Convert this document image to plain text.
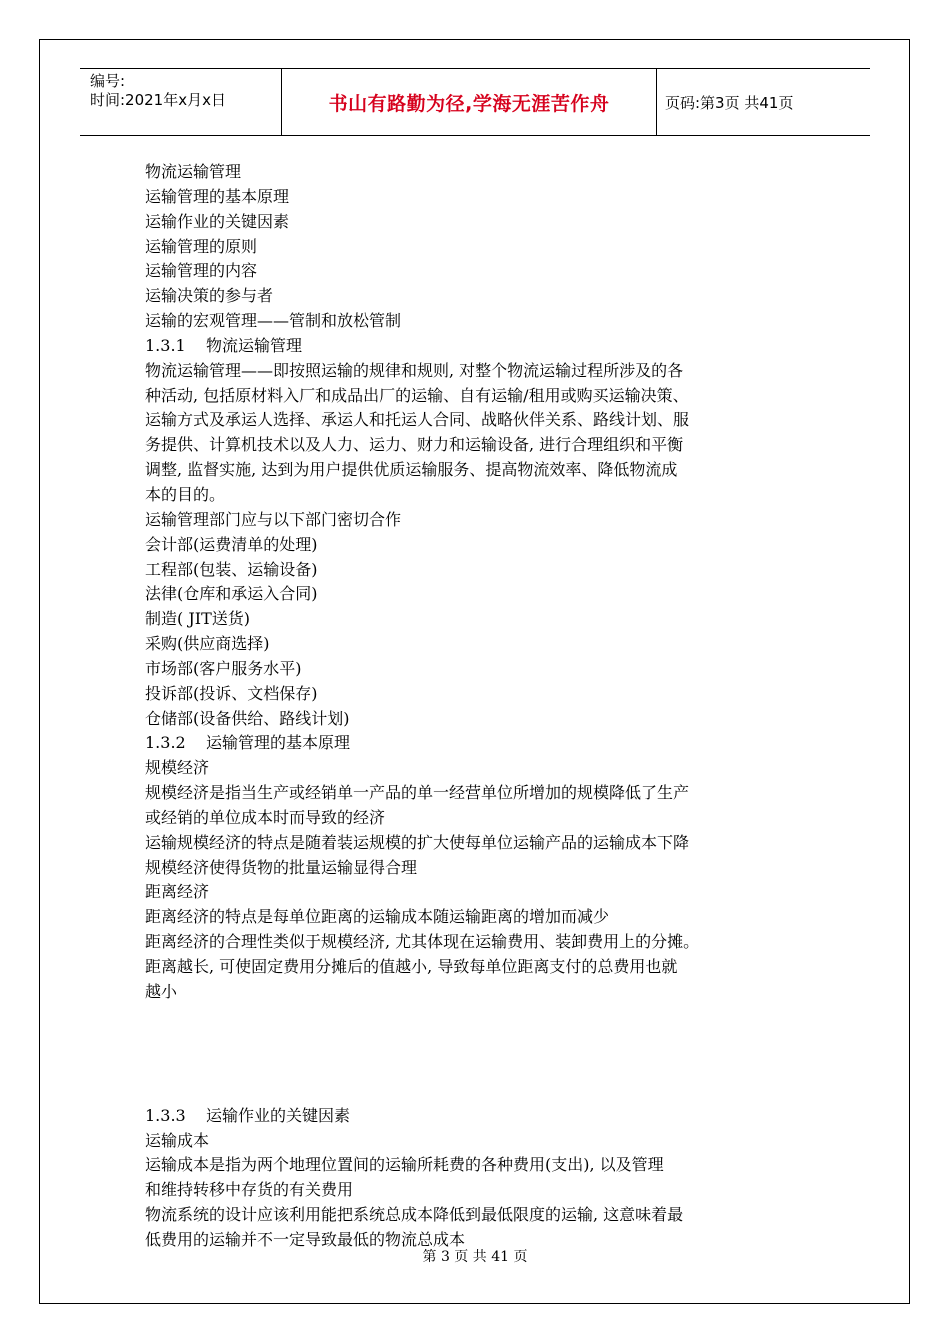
编号:
时间:2021年x月x日	书山有路勤为径,学海无涯苦作舟	页码:第3页 共41页
物流运输管理
运输管理的基本原理
运输作业的关键因素
运输管理的原则
运输管理的内容
运输决策的参与者
运输的宏观管理——管制和放松管制
1.3.1    物流运输管理
物流运输管理——即按照运输的规律和规则, 对整个物流运输过程所涉及的各
种活动, 包括原材料入厂和成品出厂的运输、自有运输/租用或购买运输决策、
运输方式及承运人选择、承运人和托运人合同、战略伙伴关系、路线计划、服
务提供、计算机技术以及人力、运力、财力和运输设备, 进行合理组织和平衡
调整, 监督实施, 达到为用户提供优质运输服务、提高物流效率、降低物流成
本的目的。
运输管理部门应与以下部门密切合作
会计部(运费清单的处理)
工程部(包装、运输设备)
法律(仓库和承运入合同)
制造( JIT送货)
采购(供应商选择)
市场部(客户服务水平)
投诉部(投诉、文档保存)
仓储部(设备供给、路线计划)
1.3.2    运输管理的基本原理
规模经济
规模经济是指当生产或经销单一产品的单一经营单位所增加的规模降低了生产
或经销的单位成本时而导致的经济
运输规模经济的特点是随着装运规模的扩大使每单位运输产品的运输成本下降
规模经济使得货物的批量运输显得合理
距离经济
距离经济的特点是每单位距离的运输成本随运输距离的增加而减少
距离经济的合理性类似于规模经济, 尤其体现在运输费用、装卸费用上的分摊。
距离越长, 可使固定费用分摊后的值越小, 导致每单位距离支付的总费用也就
越小
1.3.3    运输作业的关键因素
运输成本
运输成本是指为两个地理位置间的运输所耗费的各种费用(支出), 以及管理
和维持转移中存货的有关费用
物流系统的设计应该利用能把系统总成本降低到最低限度的运输, 这意味着最
低费用的运输并不一定导致最低的物流总成本
第 3 页 共 41 页
